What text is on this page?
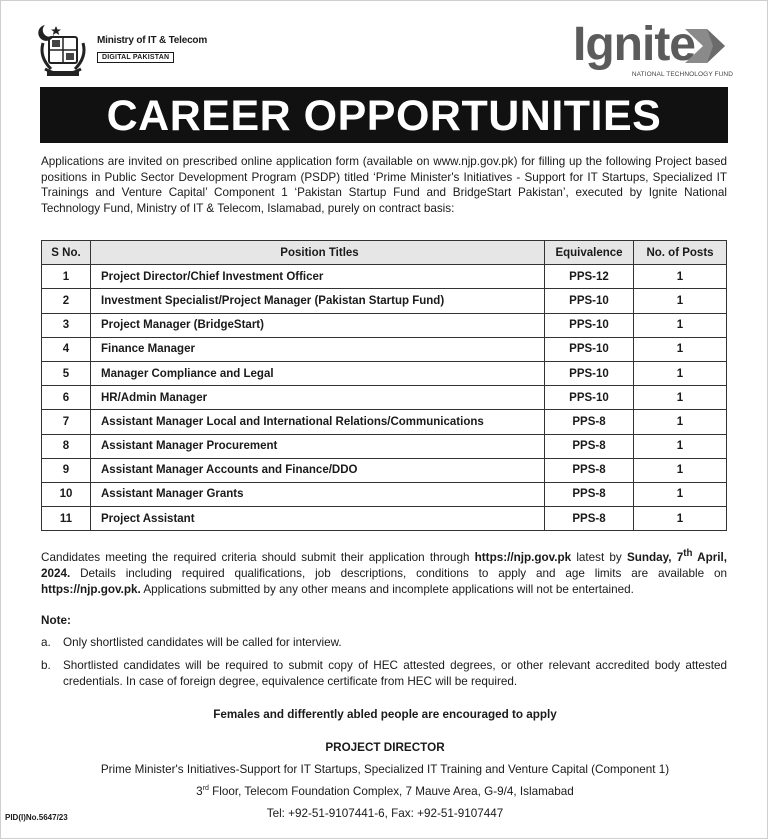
Ministry of IT & Telecom
DIGITAL PAKISTAN	Ignite
NATIONAL TECHNOLOGY FUND
CAREER OPPORTUNITIES
Applications are invited on prescribed online application form (available on www.njp.gov.pk) for filling up the following Project based positions in Public Sector Development Program (PSDP) titled ‘Prime Minister's Initiatives - Support for IT Startups, Specialized IT Trainings and Venture Capital’ Component 1 ‘Pakistan Startup Fund and BridgeStart Pakistan’, executed by Ignite National Technology Fund, Ministry of IT & Telecom, Islamabad, purely on contract basis:
S No.	Position Titles	Equivalence	No. of Posts
1	Project Director/Chief Investment Officer	PPS-12	1
2	Investment Specialist/Project Manager (Pakistan Startup Fund)	PPS-10	1
3	Project Manager (BridgeStart)	PPS-10	1
4	Finance Manager	PPS-10	1
5	Manager Compliance and Legal	PPS-10	1
6	HR/Admin Manager	PPS-10	1
7	Assistant Manager Local and International Relations/Communications	PPS-8	1
8	Assistant Manager Procurement	PPS-8	1
9	Assistant Manager Accounts and Finance/DDO	PPS-8	1
10	Assistant Manager Grants	PPS-8	1
11	Project Assistant	PPS-8	1
Candidates meeting the required criteria should submit their application through https://njp.gov.pk latest by Sunday, 7th April, 2024. Details including required qualifications, job descriptions, conditions to apply and age limits are available on https://njp.gov.pk. Applications submitted by any other means and incomplete applications will not be entertained.
Note:
a.	Only shortlisted candidates will be called for interview.
b.	Shortlisted candidates will be required to submit copy of HEC attested degrees, or other relevant accredited body attested credentials. In case of foreign degree, equivalence certificate from HEC will be required.
Females and differently abled people are encouraged to apply
PROJECT DIRECTOR
Prime Minister's Initiatives-Support for IT Startups, Specialized IT Training and Venture Capital (Component 1)
3rd Floor, Telecom Foundation Complex, 7 Mauve Area, G-9/4, Islamabad
Tel: +92-51-9107441-6, Fax: +92-51-9107447
PID(I)No.5647/23
